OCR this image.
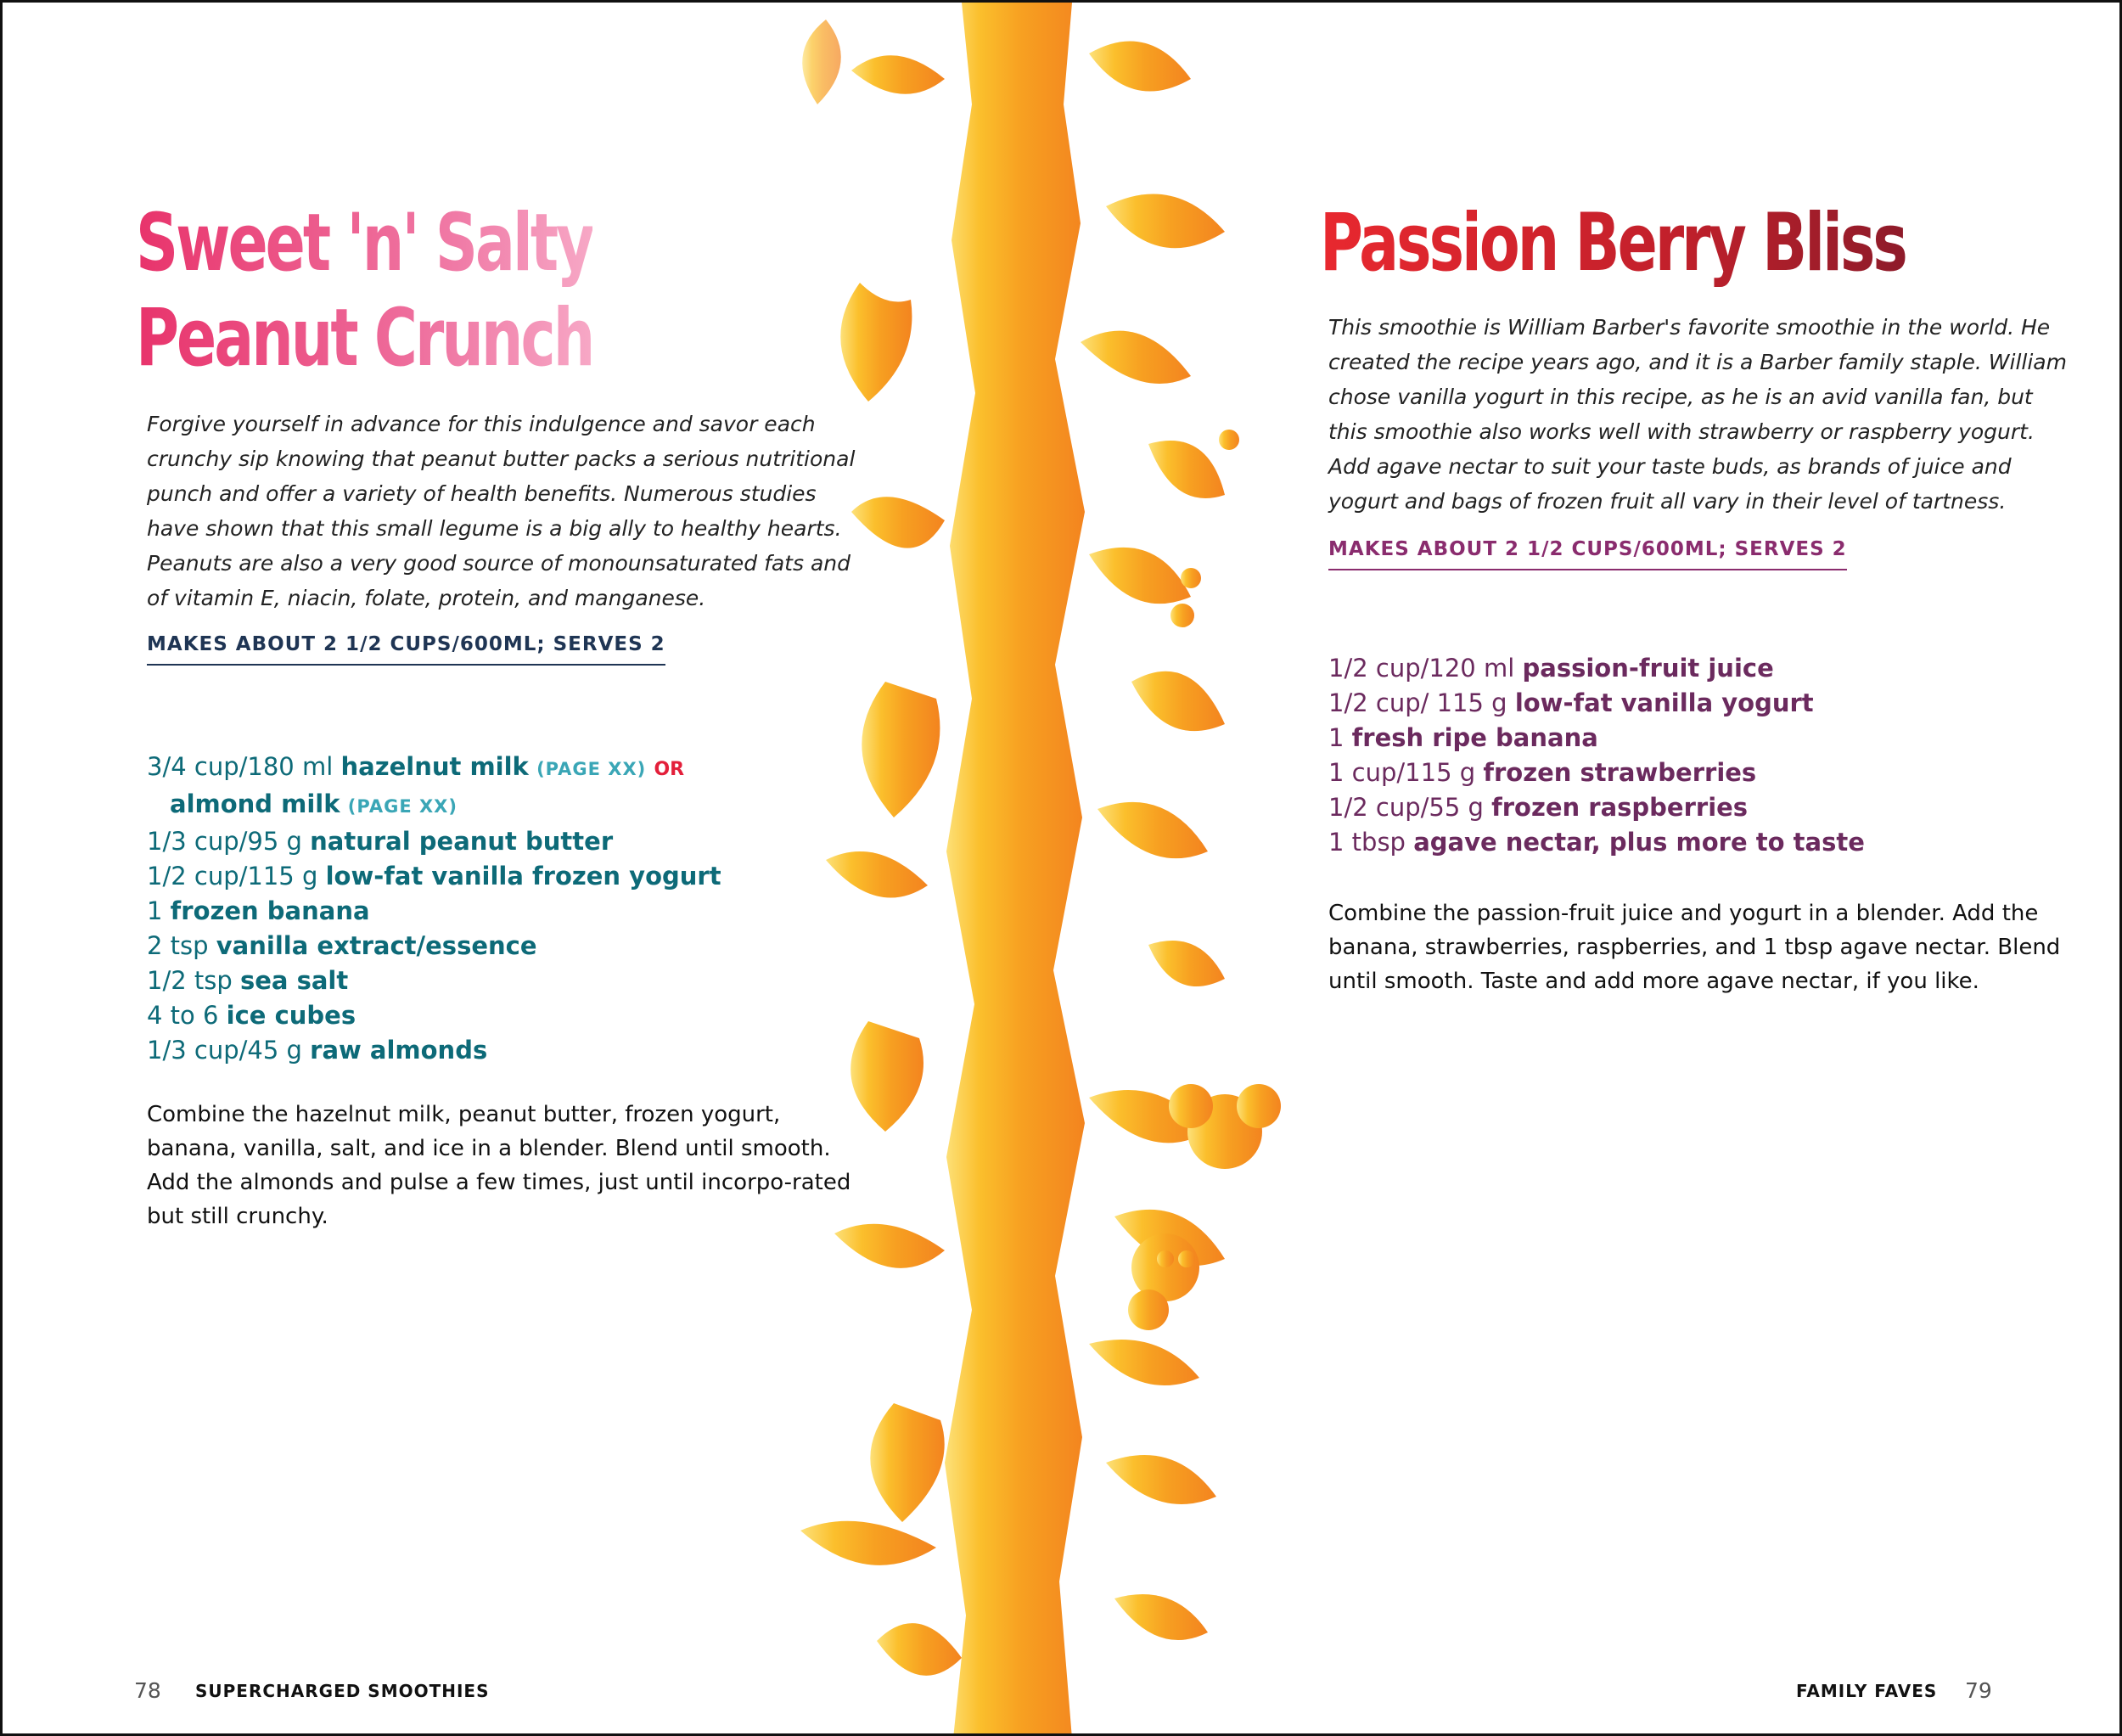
Sweet 'n' Salty
Peanut Crunch
Forgive yourself in advance for this indulgence and savor each crunchy sip knowing that peanut butter packs a serious nutritional punch and offer a variety of health benefits. Numerous studies have shown that this small legume is a big ally to healthy hearts. Peanuts are also a very good source of monounsaturated fats and of vitamin E, niacin, folate, protein, and manganese.
MAKES ABOUT 2 1/2 CUPS/600ML; SERVES 2
3/4 cup/180 ml hazelnut milk (PAGE XX) OR
almond milk (PAGE XX)
1/3 cup/95 g natural peanut butter
1/2 cup/115 g low-fat vanilla frozen yogurt
1 frozen banana
2 tsp vanilla extract/essence
1/2 tsp sea salt
4 to 6 ice cubes
1/3 cup/45 g raw almonds
Combine the hazelnut milk, peanut butter, frozen yogurt, banana, vanilla, salt, and ice in a blender. Blend until smooth. Add the almonds and pulse a few times, just until incorpo-rated but still crunchy.
78 SUPERCHARGED SMOOTHIES
Passion Berry Bliss
This smoothie is William Barber's favorite smoothie in the world. He created the recipe years ago, and it is a Barber family staple. William chose vanilla yogurt in this recipe, as he is an avid vanilla fan, but this smoothie also works well with strawberry or raspberry yogurt. Add agave nectar to suit your taste buds, as brands of juice and yogurt and bags of frozen fruit all vary in their level of tartness.
MAKES ABOUT 2 1/2 CUPS/600ML; SERVES 2
1/2 cup/120 ml passion-fruit juice
1/2 cup/ 115 g low-fat vanilla yogurt
1 fresh ripe banana
1 cup/115 g frozen strawberries
1/2 cup/55 g frozen raspberries
1 tbsp agave nectar, plus more to taste
Combine the passion-fruit juice and yogurt in a blender. Add the banana, strawberries, raspberries, and 1 tbsp agave nectar. Blend until smooth. Taste and add more agave nectar, if you like.
FAMILY FAVES 79
